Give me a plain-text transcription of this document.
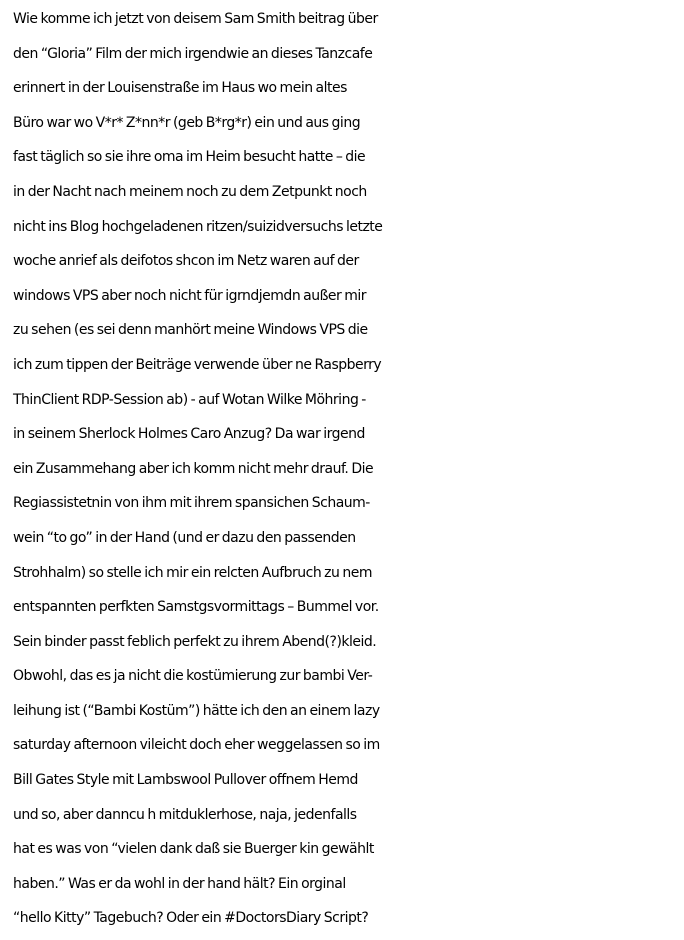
Wie komme ich jetzt von deisem Sam Smith beitrag über
den “Gloria” Film der mich irgendwie an dieses Tanzcafe
erinnert in der Louisenstraße im Haus wo mein altes
Büro war wo V*r* Z*nn*r (geb B*rg*r) ein und aus ging
fast täglich so sie ihre oma im Heim besucht hatte – die
in der Nacht nach meinem noch zu dem Zetpunkt noch
nicht ins Blog hochgeladenen ritzen/suizidversuchs letzte
woche anrief als deifotos shcon im Netz waren auf der
windows VPS aber noch nicht für igrndjemdn außer mir
zu sehen (es sei denn manhört meine Windows VPS die
ich zum tippen der Beiträge verwende über ne Raspberry
ThinClient RDP-Session ab) - auf Wotan Wilke Möhring -
in seinem Sherlock Holmes Caro Anzug? Da war irgend
ein Zusammehang aber ich komm nicht mehr drauf. Die
Regiassistetnin von ihm mit ihrem spansichen Schaum-
wein “to go” in der Hand (und er dazu den passenden
Strohhalm) so stelle ich mir ein relcten Aufbruch zu nem
entspannten perfkten Samstgsvormittags – Bummel vor.
Sein binder passt feblich perfekt zu ihrem Abend(?)kleid.
Obwohl, das es ja nicht die kostümierung zur bambi Ver-
leihung ist (“Bambi Kostüm”) hätte ich den an einem lazy
saturday afternoon vileicht doch eher weggelassen so im
Bill Gates Style mit Lambswool Pullover offnem Hemd
und so, aber danncu h mitduklerhose, naja, jedenfalls
hat es was von “vielen dank daß sie Buerger kin gewählt
haben.” Was er da wohl in der hand hält? Ein orginal
“hello Kitty” Tagebuch? Oder ein #DoctorsDiary Script?
